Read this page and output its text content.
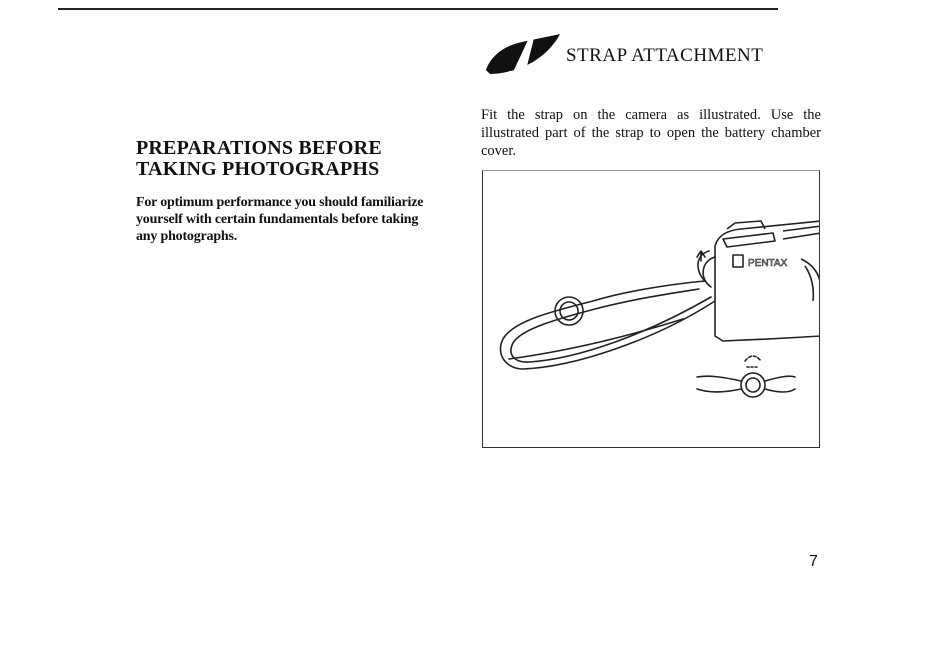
PREPARATIONS BEFORE
TAKING PHOTOGRAPHS
For optimum performance you should familiarize yourself with certain fundamentals before taking any photographs.
STRAP ATTACHMENT
Fit the strap on the camera as illustrated. Use the illustrated part of the strap to open the battery chamber cover.
PENTAX
7
